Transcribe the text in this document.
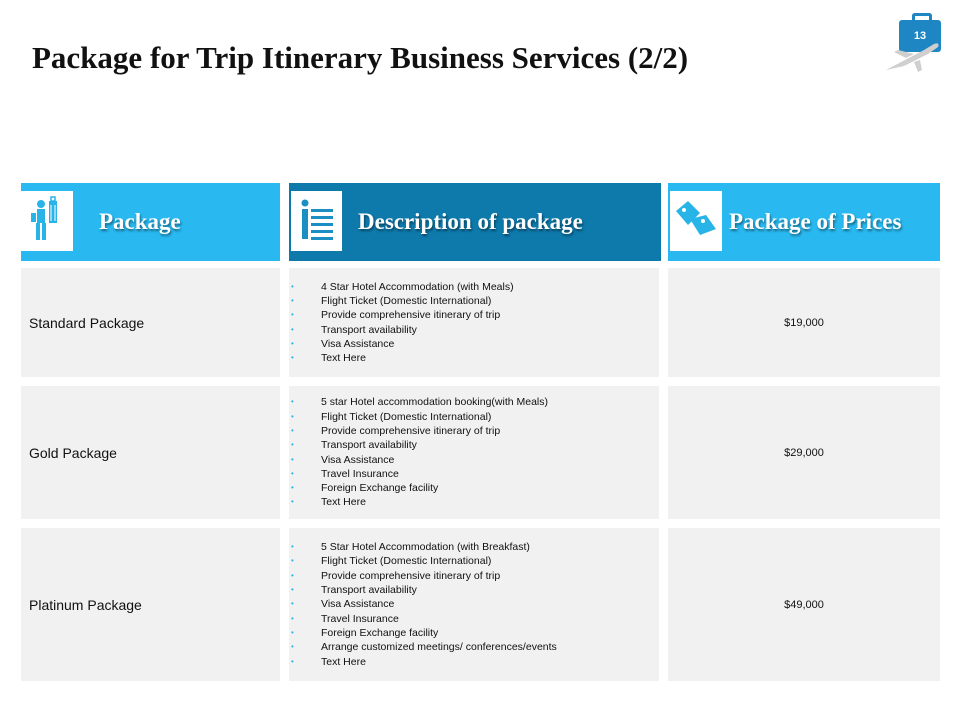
Package for Trip Itinerary Business Services (2/2)
13
Package	Description of package	Package of Prices
Standard Package
• 4 Star Hotel Accommodation (with Meals)
• Flight Ticket (Domestic International)
• Provide comprehensive itinerary of trip
• Transport availability
• Visa Assistance
• Text Here
$19,000
Gold Package
• 5 star Hotel accommodation booking(with Meals)
• Flight Ticket (Domestic International)
• Provide comprehensive itinerary of trip
• Transport availability
• Visa Assistance
• Travel Insurance
• Foreign Exchange facility
• Text Here
$29,000
Platinum Package
• 5 Star Hotel Accommodation (with Breakfast)
• Flight Ticket (Domestic International)
• Provide comprehensive itinerary of trip
• Transport availability
• Visa Assistance
• Travel Insurance
• Foreign Exchange facility
• Arrange customized meetings/ conferences/events
• Text Here
$49,000
